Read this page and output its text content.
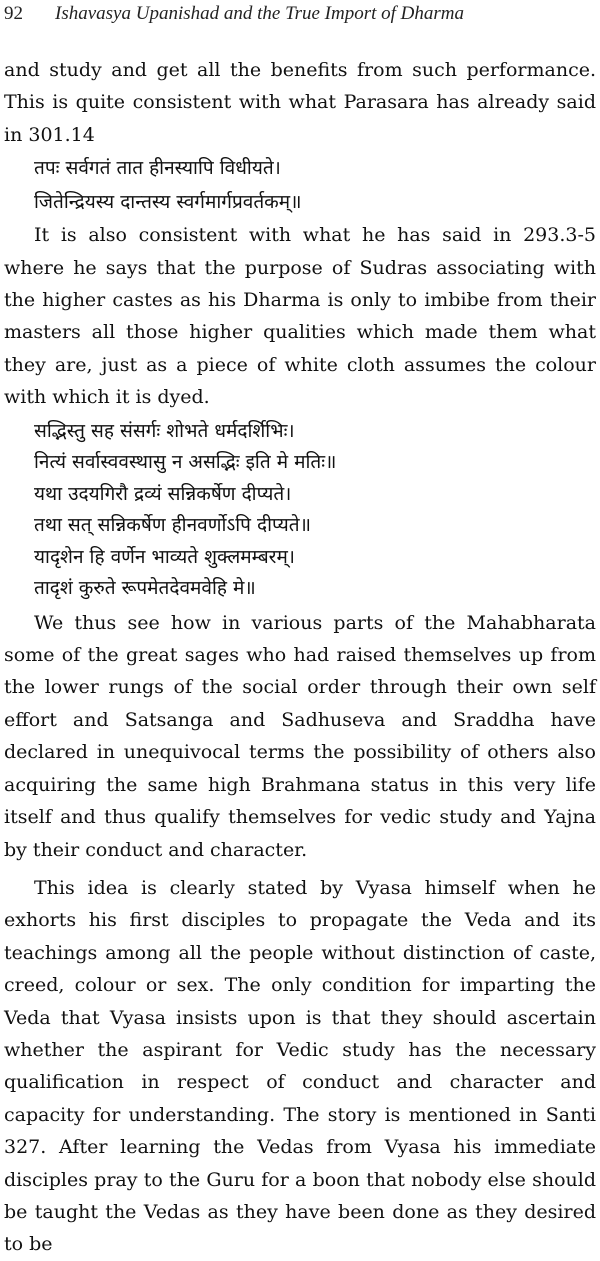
92 Ishavasya Upanishad and the True Import of Dharma

and study and get all the benefits from such performance. This is quite consistent with what Parasara has already said in 301.14

तपः सर्वगतं तात हीनस्यापि विधीयते।
जितेन्द्रियस्य दान्तस्य स्वर्गमार्गप्रवर्तकम्॥

It is also consistent with what he has said in 293.3-5 where he says that the purpose of Sudras associating with the higher castes as his Dharma is only to imbibe from their masters all those higher qualities which made them what they are, just as a piece of white cloth assumes the colour with which it is dyed.

सद्भिस्तु सह संसर्गः शोभते धर्मदर्शिभिः।
नित्यं सर्वास्ववस्थासु न असद्भिः इति मे मतिः॥
यथा उदयगिरौ द्रव्यं सन्निकर्षेण दीप्यते।
तथा सत् सन्निकर्षेण हीनवर्णोऽपि दीप्यते॥
यादृशेन हि वर्णेन भाव्यते शुक्लमम्बरम्।
तादृशं कुरुते रूपमेतदेवमवेहि मे॥

We thus see how in various parts of the Mahabharata some of the great sages who had raised themselves up from the lower rungs of the social order through their own self effort and Satsanga and Sadhuseva and Sraddha have declared in unequivocal terms the possibility of others also acquiring the same high Brahmana status in this very life itself and thus qualify themselves for vedic study and Yajna by their conduct and character.

This idea is clearly stated by Vyasa himself when he exhorts his first disciples to propagate the Veda and its teachings among all the people without distinction of caste, creed, colour or sex. The only condition for imparting the Veda that Vyasa insists upon is that they should ascertain whether the aspirant for Vedic study has the necessary qualification in respect of conduct and character and capacity for understanding. The story is mentioned in Santi 327. After learning the Vedas from Vyasa his immediate disciples pray to the Guru for a boon that nobody else should be taught the Vedas as they have been done as they desired to be
